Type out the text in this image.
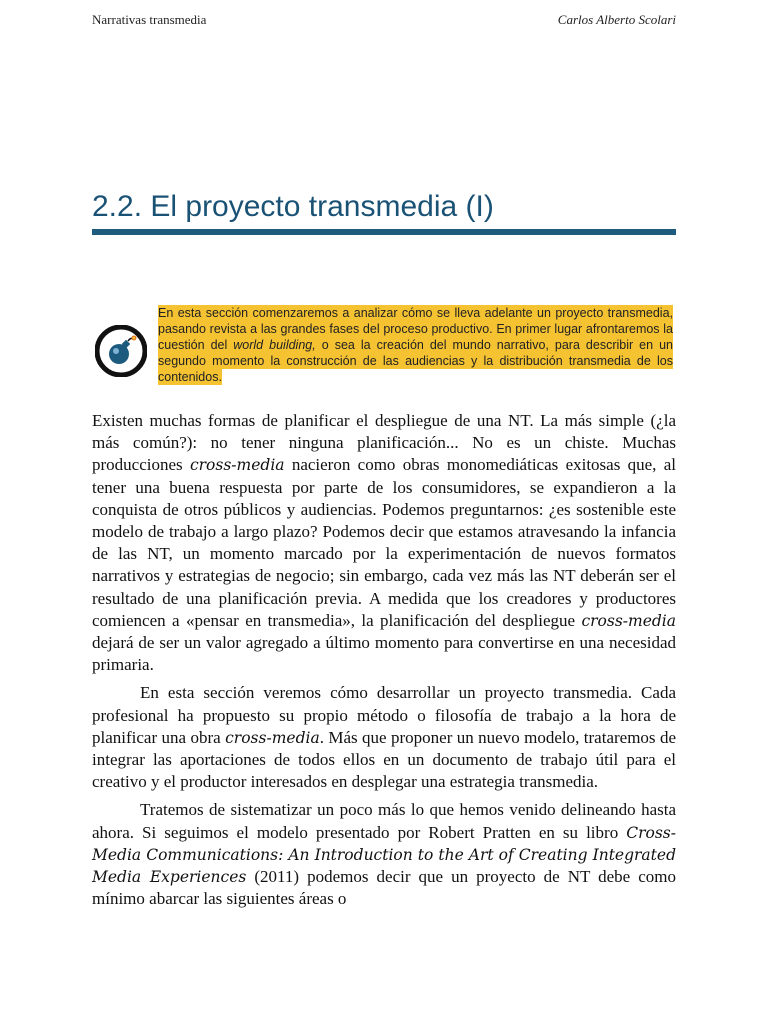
Narrativas transmedia	Carlos Alberto Scolari
2.2. El proyecto transmedia (I)
En esta sección comenzaremos a analizar cómo se lleva adelante un proyecto transmedia, pasando revista a las grandes fases del proceso productivo. En primer lugar afrontaremos la cuestión del world building, o sea la creación del mundo narrativo, para describir en un segundo momento la construcción de las audiencias y la distribución transmedia de los contenidos.

Existen muchas formas de planificar el despliegue de una NT. La más simple (¿la más común?): no tener ninguna planificación... No es un chiste. Muchas producciones cross-media nacieron como obras monomediáticas exitosas que, al tener una buena respuesta por parte de los consumidores, se expandieron a la conquista de otros públicos y audiencias. Podemos preguntarnos: ¿es sostenible este modelo de trabajo a largo plazo? Podemos decir que estamos atravesando la infancia de las NT, un momento marcado por la experimentación de nuevos formatos narrativos y estrategias de negocio; sin embargo, cada vez más las NT deberán ser el resultado de una planificación previa. A medida que los creadores y productores comiencen a «pensar en transmedia», la planificación del despliegue cross-media dejará de ser un valor agregado a último momento para convertirse en una necesidad primaria.

En esta sección veremos cómo desarrollar un proyecto transmedia. Cada profesional ha propuesto su propio método o filosofía de trabajo a la hora de planificar una obra cross-media. Más que proponer un nuevo modelo, trataremos de integrar las aportaciones de todos ellos en un documento de trabajo útil para el creativo y el productor interesados en desplegar una estrategia transmedia.

Tratemos de sistematizar un poco más lo que hemos venido delineando hasta ahora. Si seguimos el modelo presentado por Robert Pratten en su libro Cross-Media Communications: An Introduction to the Art of Creating Integrated Media Experiences (2011) podemos decir que un proyecto de NT debe como mínimo abarcar las siguientes áreas o
